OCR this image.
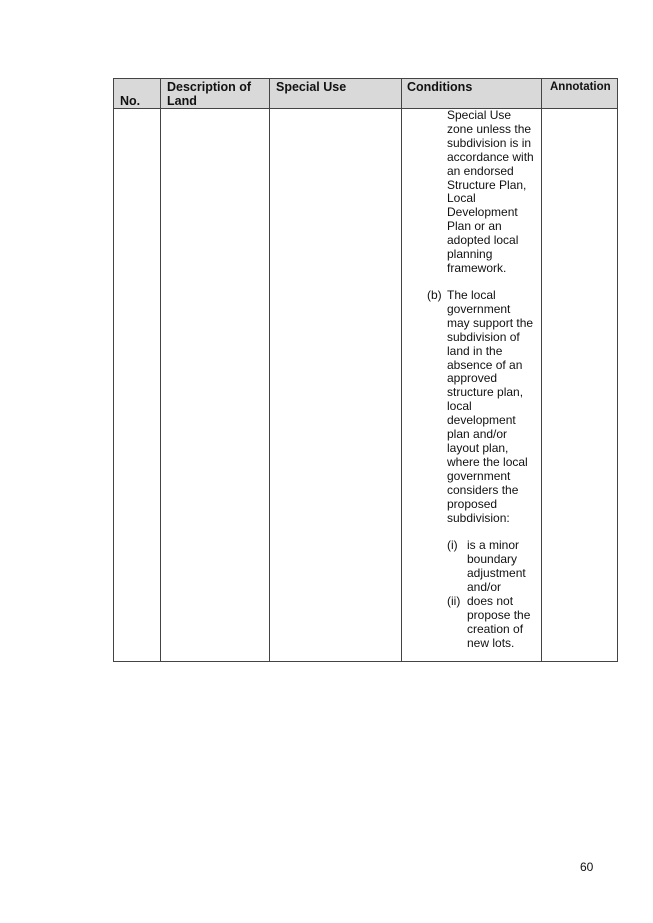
No.
Description of
Land
Special Use	Conditions	Annotation
Special Use
zone unless the
subdivision is in
accordance with
an endorsed
Structure Plan,
Local
Development
Plan or an
adopted local
planning
framework.
(b) The local
government
may support the
subdivision of
land in the
absence of an
approved
structure plan,
local
development
plan and/or
layout plan,
where the local
government
considers the
proposed
subdivision:
(i) is a minor
boundary
adjustment
and/or
(ii) does not
propose the
creation of
new lots.
60
